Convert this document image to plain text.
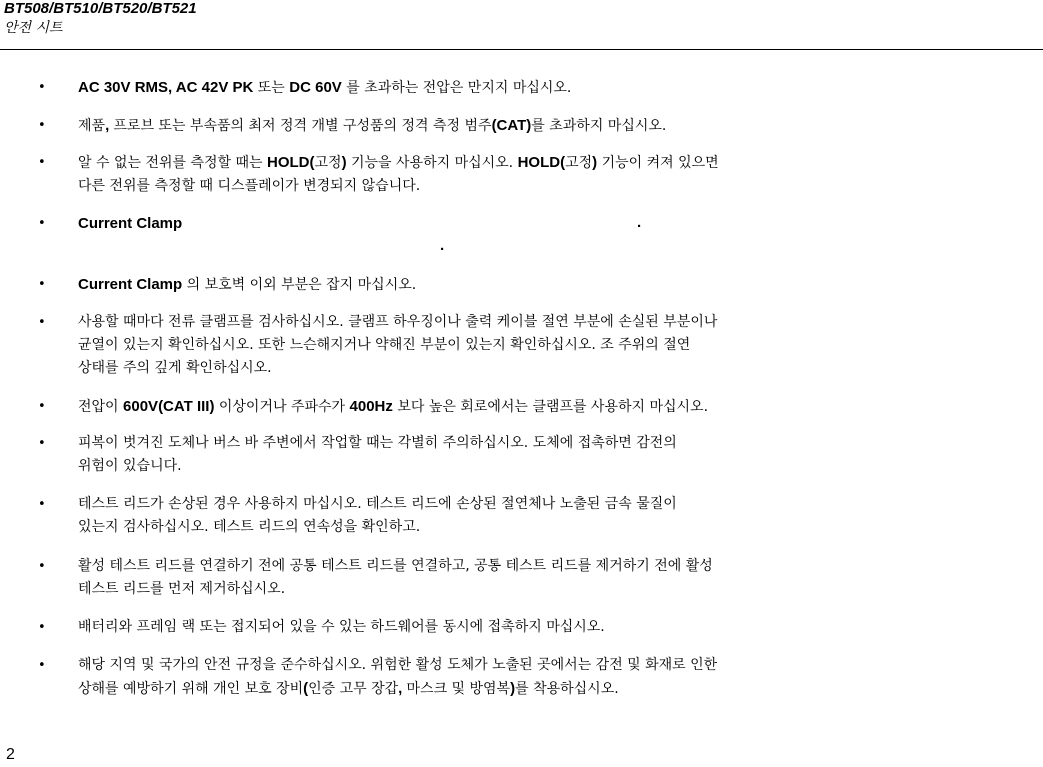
BT508/BT510/BT520/BT521

안전 시트

• AC 30V RMS, AC 42V PK 또는 DC 60V 를 초과하는 전압은 만지지 마십시오.
• 제품, 프로브 또는 부속품의 최저 정격 개별 구성품의 정격 측정 범주(CAT)를 초과하지 마십시오.
• 알 수 없는 전위를 측정할 때는 HOLD(고정) 기능을 사용하지 마십시오. HOLD(고정) 기능이 켜져 있으면
다른 전위를 측정할 때 디스플레이가 변경되지 않습니다.
• Current Clamp
• Current Clamp 의 보호벽 이외 부분은 잡지 마십시오.
• 사용할 때마다 전류 클램프를 검사하십시오. 클램프 하우징이나 출력 케이블 절연 부분에 손실된 부분이나
균열이 있는지 확인하십시오. 또한 느슨해지거나 약해진 부분이 있는지 확인하십시오. 조 주위의 절연
상태를 주의 깊게 확인하십시오.
• 전압이 600V(CAT III) 이상이거나 주파수가 400Hz 보다 높은 회로에서는 클램프를 사용하지 마십시오.
• 피복이 벗겨진 도체나 버스 바 주변에서 작업할 때는 각별히 주의하십시오. 도체에 접촉하면 감전의
위험이 있습니다.
• 테스트 리드가 손상된 경우 사용하지 마십시오. 테스트 리드에 손상된 절연체나 노출된 금속 물질이
있는지 검사하십시오. 테스트 리드의 연속성을 확인하고.
• 활성 테스트 리드를 연결하기 전에 공통 테스트 리드를 연결하고, 공통 테스트 리드를 제거하기 전에 활성
테스트 리드를 먼저 제거하십시오.
• 배터리와 프레임 랙 또는 접지되어 있을 수 있는 하드웨어를 동시에 접촉하지 마십시오.
• 해당 지역 및 국가의 안전 규정을 준수하십시오. 위험한 활성 도체가 노출된 곳에서는 감전 및 화재로 인한
상해를 예방하기 위해 개인 보호 장비(인증 고무 장갑, 마스크 및 방염복)를 착용하십시오.
.
.
2
